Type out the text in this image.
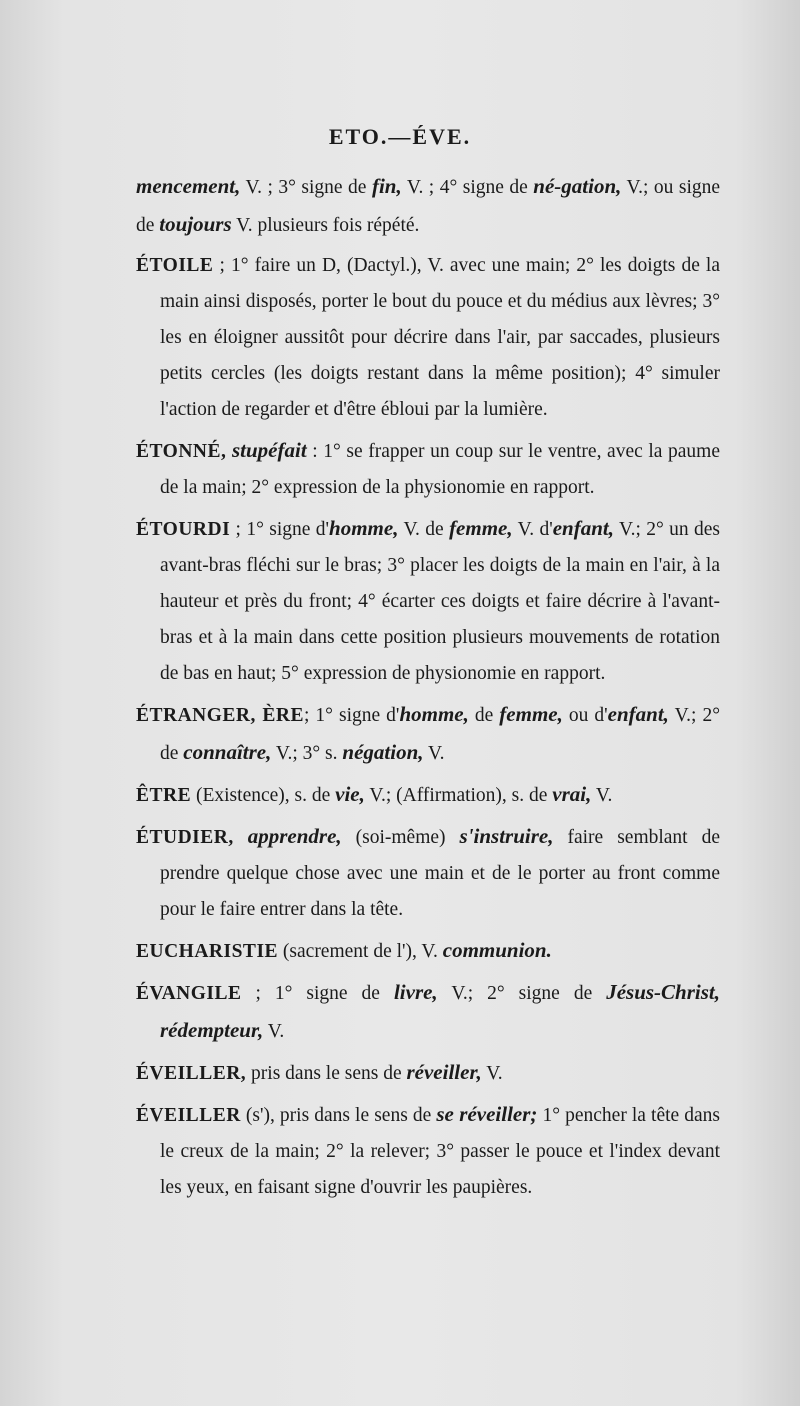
ETO.—ÉVE.

mencement, V. ; 3° signe de fin, V. ; 4° signe de né-gation, V.; ou signe de toujours V. plusieurs fois répété.

ÉTOILE ; 1° faire un D, (Dactyl.), V. avec une main; 2° les doigts de la main ainsi disposés, porter le bout du pouce et du médius aux lèvres; 3° les en éloigner aussitôt pour décrire dans l'air, par saccades, plusieurs petits cercles (les doigts restant dans la même position); 4° simuler l'action de regarder et d'être ébloui par la lumière.

ÉTONNÉ, stupéfait : 1° se frapper un coup sur le ventre, avec la paume de la main; 2° expression de la physionomie en rapport.

ÉTOURDI ; 1° signe d'homme, V. de femme, V. d'enfant, V.; 2° un des avant-bras fléchi sur le bras; 3° placer les doigts de la main en l'air, à la hauteur et près du front; 4° écarter ces doigts et faire décrire à l'avant-bras et à la main dans cette position plusieurs mouvements de rotation de bas en haut; 5° expression de physionomie en rapport.

ÉTRANGER, ÈRE; 1° signe d'homme, de femme, ou d'enfant, V.; 2° de connaître, V.; 3° s. négation, V.

ÊTRE (Existence), s. de vie, V.; (Affirmation), s. de vrai, V.

ÉTUDIER, apprendre, (soi-même) s'instruire, faire semblant de prendre quelque chose avec une main et de le porter au front comme pour le faire entrer dans la tête.

EUCHARISTIE (sacrement de l'), V. communion.

ÉVANGILE ; 1° signe de livre, V.; 2° signe de Jésus-Christ, rédempteur, V.

ÉVEILLER, pris dans le sens de réveiller, V.

ÉVEILLER (s'), pris dans le sens de se réveiller; 1° pencher la tête dans le creux de la main; 2° la relever; 3° passer le pouce et l'index devant les yeux, en faisant signe d'ouvrir les paupières.
